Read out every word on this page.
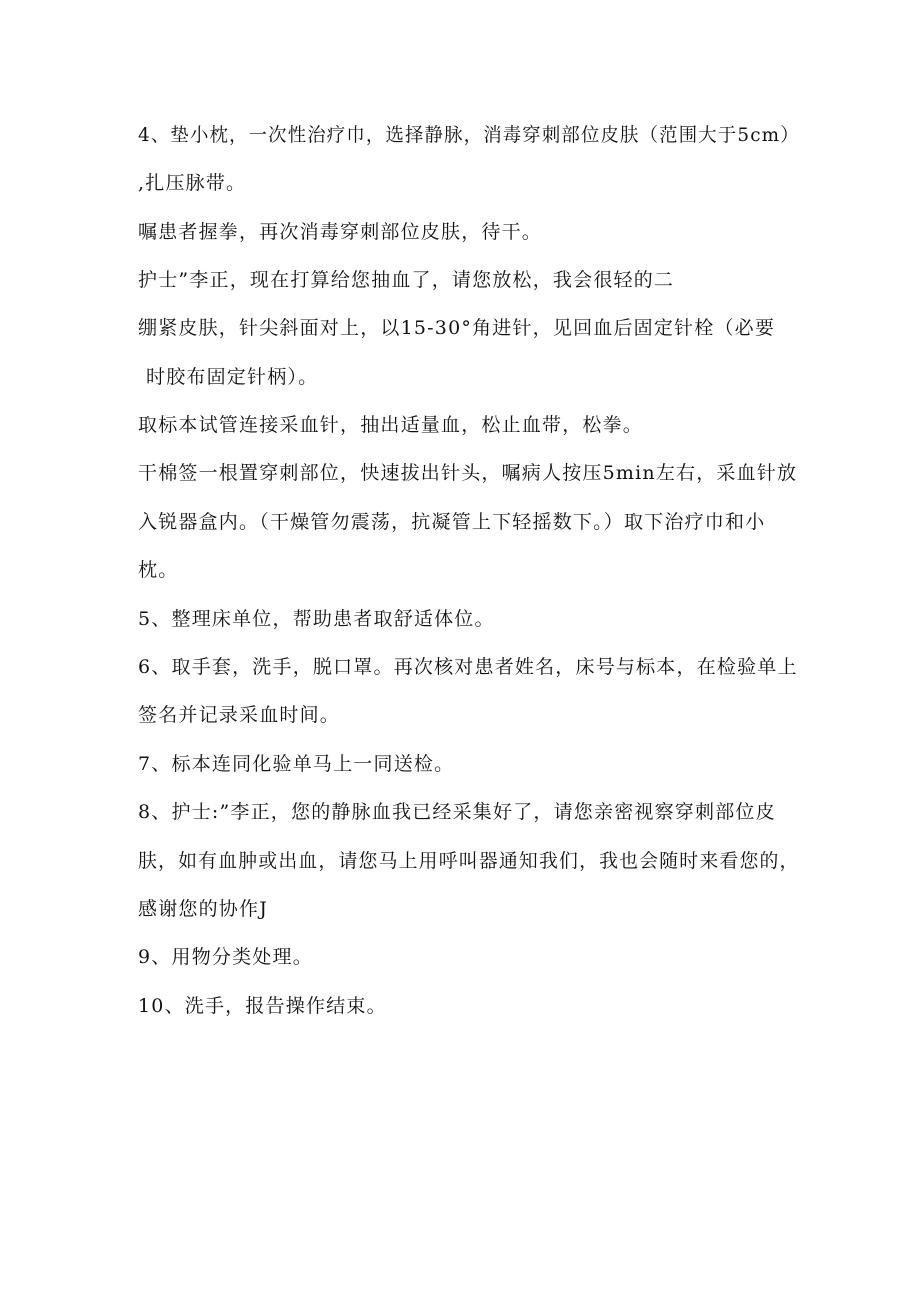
4、垫小枕，一次性治疗巾，选择静脉，消毒穿刺部位皮肤（范围大于5cm）
,扎压脉带。
嘱患者握拳，再次消毒穿刺部位皮肤，待干。
护士”李正，现在打算给您抽血了，请您放松，我会很轻的二
绷紧皮肤，针尖斜面对上，以15-30°角进针，见回血后固定针栓（必要
时胶布固定针柄）。
取标本试管连接采血针，抽出适量血，松止血带，松拳。
干棉签一根置穿刺部位，快速拔出针头，嘱病人按压5min左右，采血针放
入锐器盒内。（干燥管勿震荡，抗凝管上下轻摇数下。）取下治疗巾和小
枕。
5、整理床单位，帮助患者取舒适体位。
6、取手套，洗手，脱口罩。再次核对患者姓名，床号与标本，在检验单上
签名并记录采血时间。
7、标本连同化验单马上一同送检。
8、护士:”李正，您的静脉血我已经采集好了，请您亲密视察穿刺部位皮
肤，如有血肿或出血，请您马上用呼叫器通知我们，我也会随时来看您的，
感谢您的协作J
9、用物分类处理。
10、洗手，报告操作结束。
